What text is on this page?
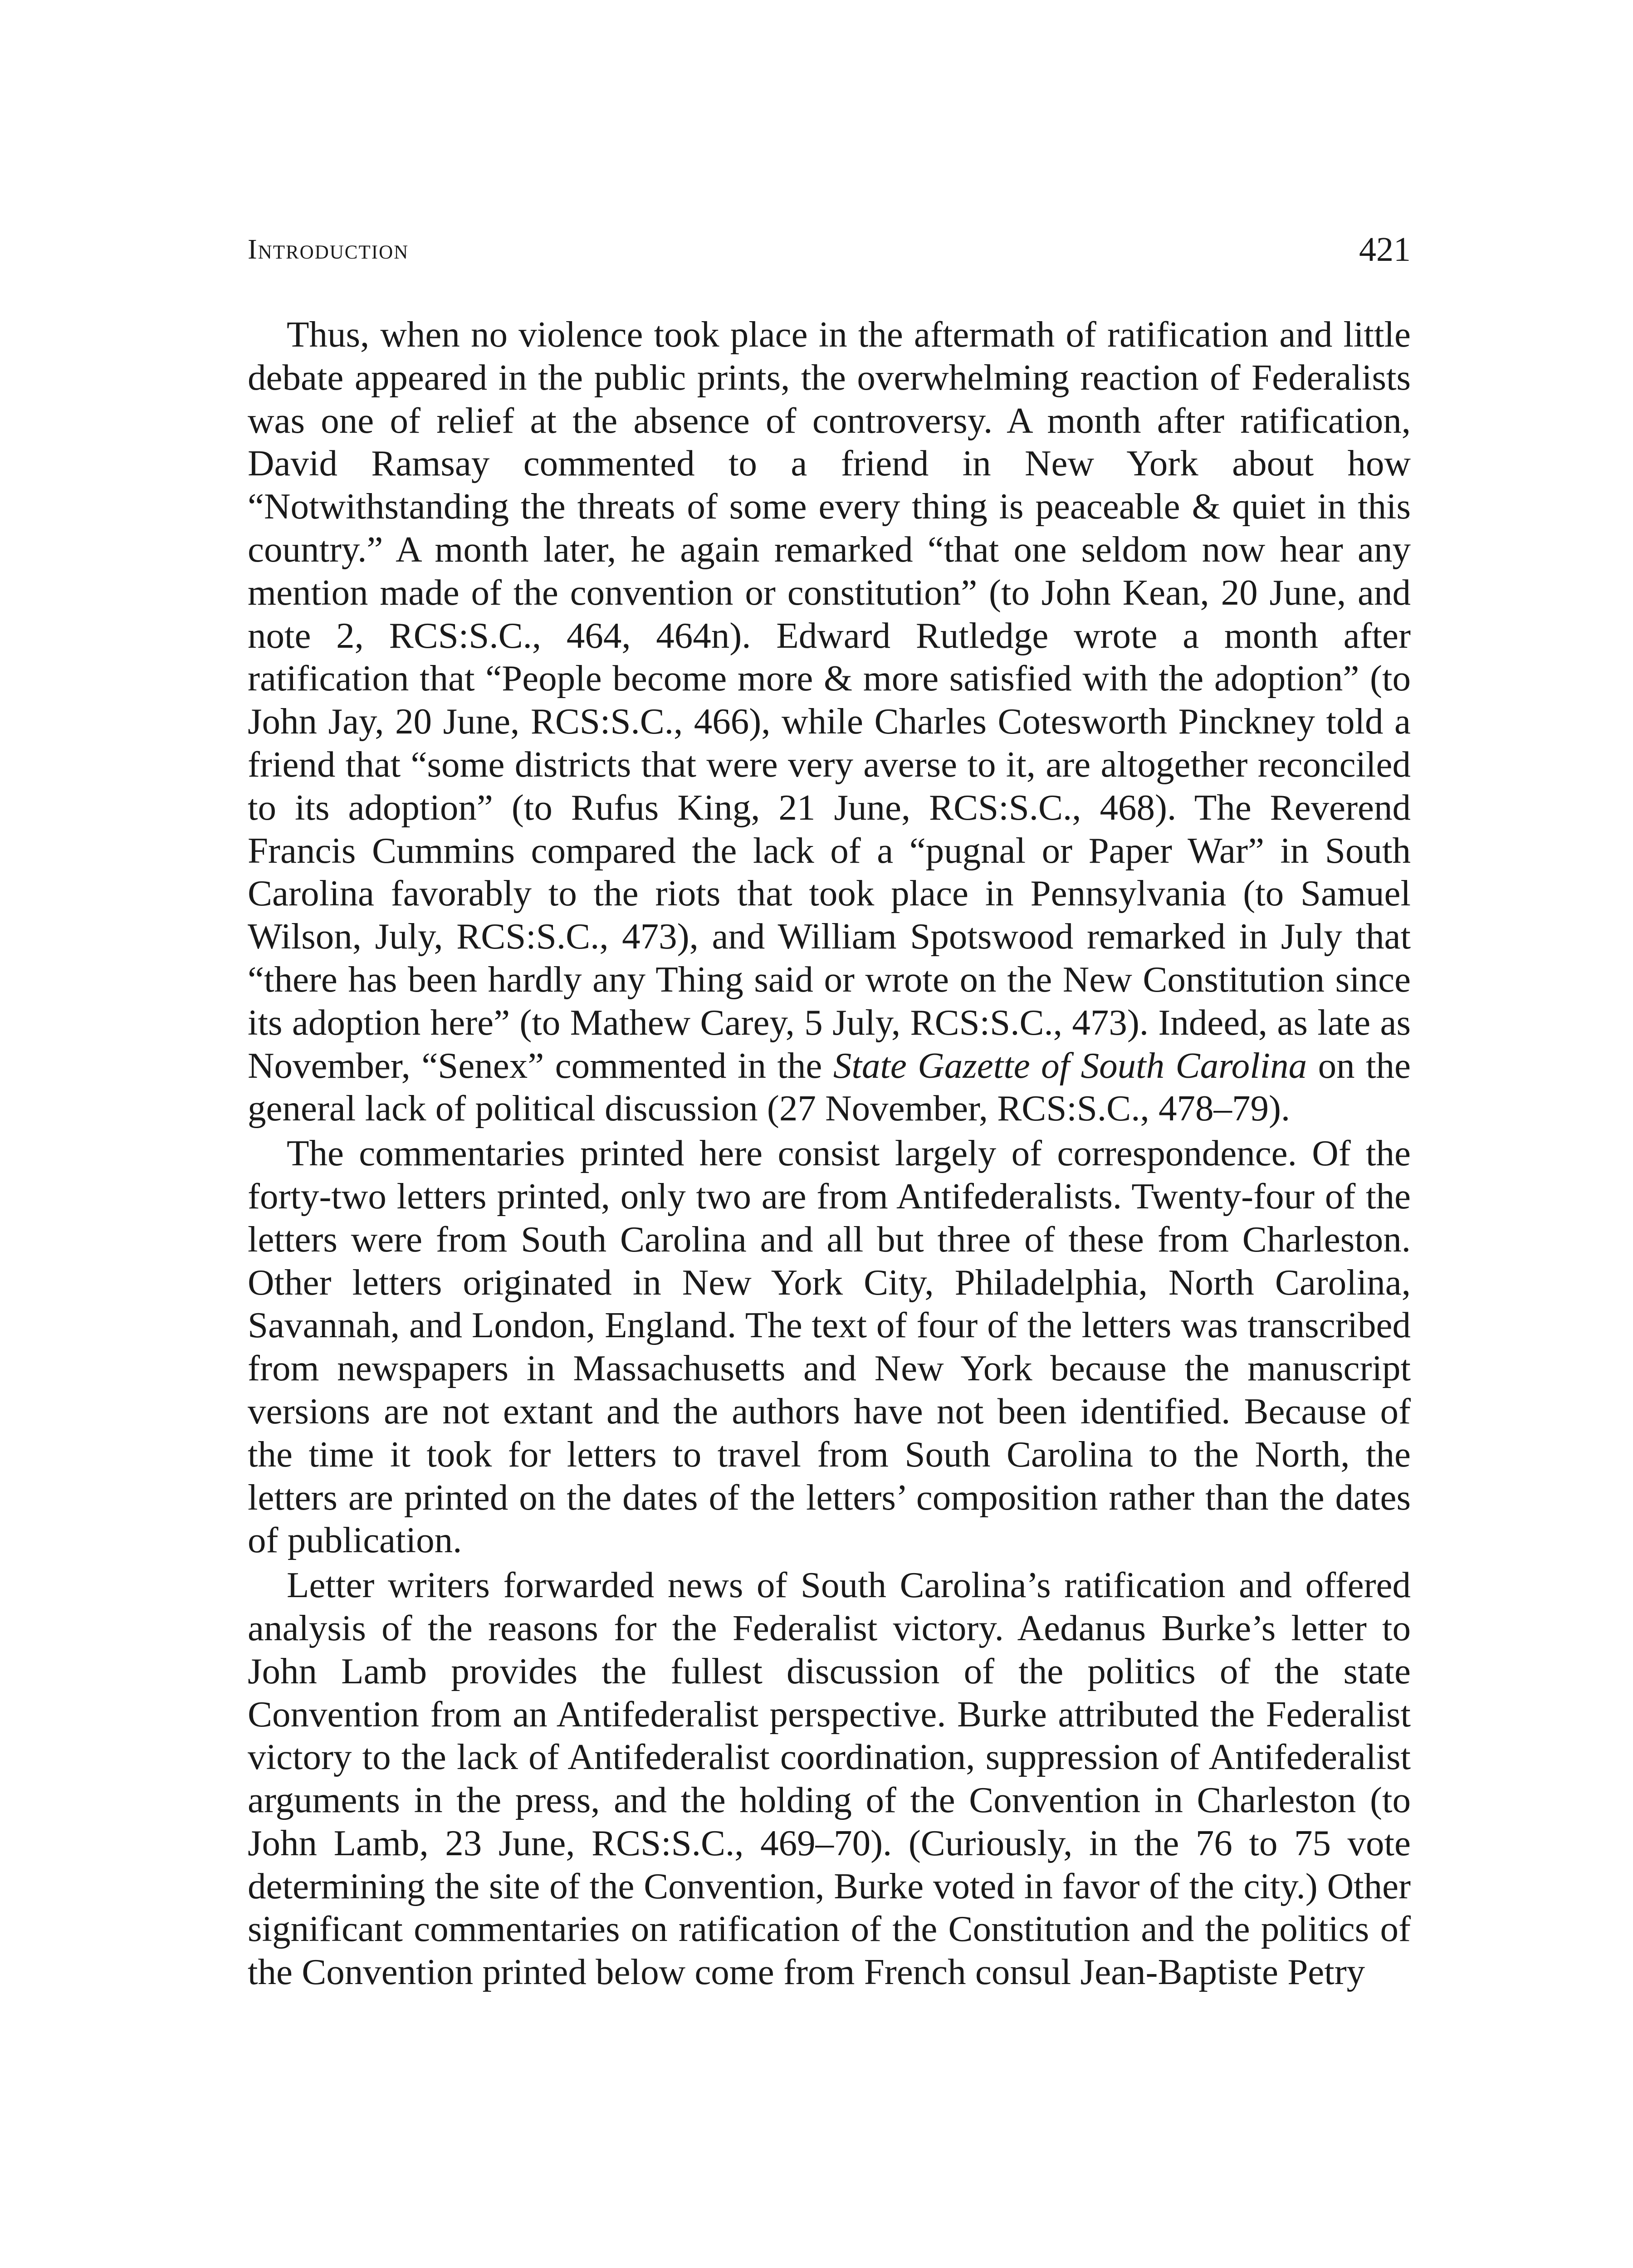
Introduction	421

Thus, when no violence took place in the aftermath of ratification and little debate appeared in the public prints, the overwhelming reaction of Federalists was one of relief at the absence of controversy. A month after ratification, David Ramsay commented to a friend in New York about how “Notwithstanding the threats of some every thing is peaceable & quiet in this country.” A month later, he again remarked “that one seldom now hear any mention made of the convention or constitution” (to John Kean, 20 June, and note 2, RCS:S.C., 464, 464n). Edward Rutledge wrote a month after ratification that “People become more & more satisfied with the adoption” (to John Jay, 20 June, RCS:​S.C., 466), while Charles Cotesworth Pinckney told a friend that “some districts that were very averse to it, are altogether reconciled to its adoption” (to Rufus King, 21 June, RCS:S.C., 468). The Reverend Francis Cummins compared the lack of a “pugnal or Paper War” in South Carolina favorably to the riots that took place in Pennsylvania (to Samuel Wilson, July, RCS:S.C., 473), and William Spotswood remarked in July that “there has been hardly any Thing said or wrote on the New Constitution since its adoption here” (to Mathew Carey, 5 July, RCS:S.C., 473). Indeed, as late as November, “Senex” commented in the State Gazette of South Carolina on the general lack of political discussion (27 November, RCS:S.C., 478–79).

The commentaries printed here consist largely of correspondence. Of the forty-two letters printed, only two are from Antifederalists. Twenty-four of the letters were from South Carolina and all but three of these from Charleston. Other letters originated in New York City, Philadelphia, North Carolina, Savannah, and London, England. The text of four of the letters was transcribed from newspapers in Massachusetts and New York because the manuscript versions are not extant and the authors have not been identified. Because of the time it took for letters to travel from South Carolina to the North, the letters are printed on the dates of the letters’ composition rather than the dates of publication.

Letter writers forwarded news of South Carolina’s ratification and offered analysis of the reasons for the Federalist victory. Aedanus Burke’s letter to John Lamb provides the fullest discussion of the politics of the state Convention from an Antifederalist perspective. Burke attributed the Federalist victory to the lack of Antifederalist coordination, suppression of Antifederalist arguments in the press, and the holding of the Convention in Charleston (to John Lamb, 23 June, RCS:S.C., 469–​70). (Curiously, in the 76 to 75 vote determining the site of the Convention, Burke voted in favor of the city.) Other significant commentaries on ratification of the Constitution and the politics of the Convention printed below come from French consul Jean-Baptiste Petry
